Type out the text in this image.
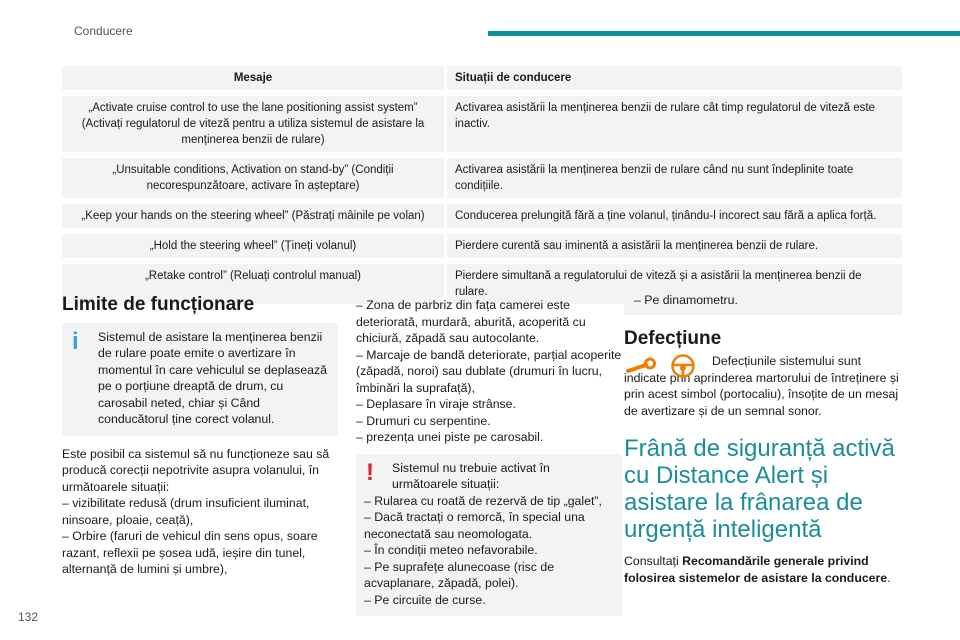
Conducere
Mesaje	Situații de conducere
„Activate cruise control to use the lane positioning assist system” (Activați regulatorul de viteză pentru a utiliza sistemul de asistare la menținerea benzii de rulare)	Activarea asistării la menținerea benzii de rulare cât timp regulatorul de viteză este inactiv.
„Unsuitable conditions, Activation on stand-by” (Condiții necorespunzătoare, activare în așteptare)	Activarea asistării la menținerea benzii de rulare când nu sunt îndeplinite toate condițiile.
„Keep your hands on the steering wheel” (Păstrați mâinile pe volan)	Conducerea prelungită fără a ține volanul, ținându-l incorect sau fără a aplica forță.
„Hold the steering wheel” (Țineți volanul)	Pierdere curentă sau iminentă a asistării la menținerea benzii de rulare.
„Retake control” (Reluați controlul manual)	Pierdere simultană a regulatorului de viteză și a asistării la menținerea benzii de rulare.
Limite de funcționare
i	Sistemul de asistare la menținerea benzii de rulare poate emite o avertizare în momentul în care vehiculul se deplasează pe o porțiune dreaptă de drum, cu carosabil neted, chiar și Când conducătorul ține corect volanul.

Este posibil ca sistemul să nu funcționeze sau să producă corecții nepotrivite asupra volanului, în următoarele situații:

– vizibilitate redusă (drum insuficient iluminat, ninsoare, ploaie, ceață),

– Orbire (faruri de vehicul din sens opus, soare razant, reflexii pe șosea udă, ieșire din tunel, alternanță de lumini și umbre),

– Zona de parbriz din fața camerei este deteriorată, murdară, aburită, acoperită cu chiciură, zăpadă sau autocolante.

– Marcaje de bandă deteriorate, parțial acoperite (zăpadă, noroi) sau dublate (drumuri în lucru, îmbinări la suprafață),

– Deplasare în viraje strânse.

– Drumuri cu serpentine.

– prezența unei piste pe carosabil.

!	Sistemul nu trebuie activat în următoarele situații:

– Rularea cu roată de rezervă de tip „galet”,

– Dacă tractați o remorcă, în special una neconectată sau neomologata.

– În condiții meteo nefavorabile.

– Pe suprafețe alunecoase (risc de acvaplanare, zăpadă, polei).

– Pe circuite de curse.

– Pe dinamometru.

Defecțiune

Defecțiunile sistemului sunt indicate prin aprinderea martorului de întreținere și prin acest simbol (portocaliu), însoțite de un mesaj de avertizare și de un semnal sonor.

Frână de siguranță activă cu Distance Alert și asistare la frânarea de urgență inteligentă

Consultați Recomandările generale privind folosirea sistemelor de asistare la conducere.

132
